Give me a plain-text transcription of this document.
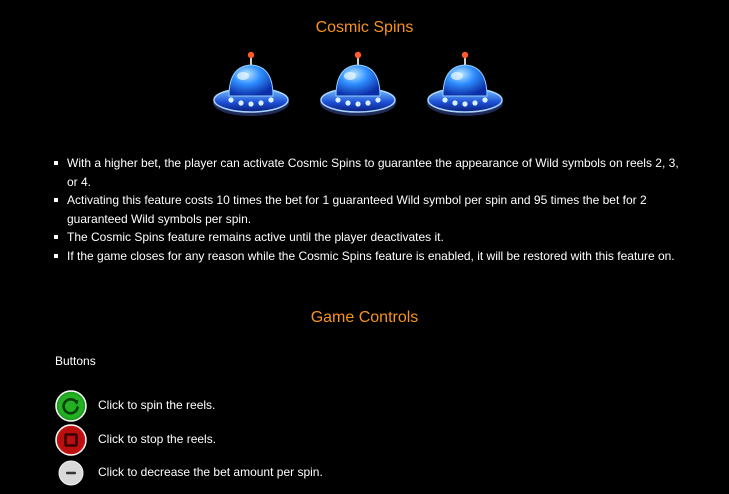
Cosmic Spins
With a higher bet, the player can activate Cosmic Spins to guarantee the appearance of Wild symbols on reels 2, 3, or 4.
Activating this feature costs 10 times the bet for 1 guaranteed Wild symbol per spin and 95 times the bet for 2 guaranteed Wild symbols per spin.
The Cosmic Spins feature remains active until the player deactivates it.
If the game closes for any reason while the Cosmic Spins feature is enabled, it will be restored with this feature on.
Game Controls
Buttons
Click to spin the reels.
Click to stop the reels.
Click to decrease the bet amount per spin.
